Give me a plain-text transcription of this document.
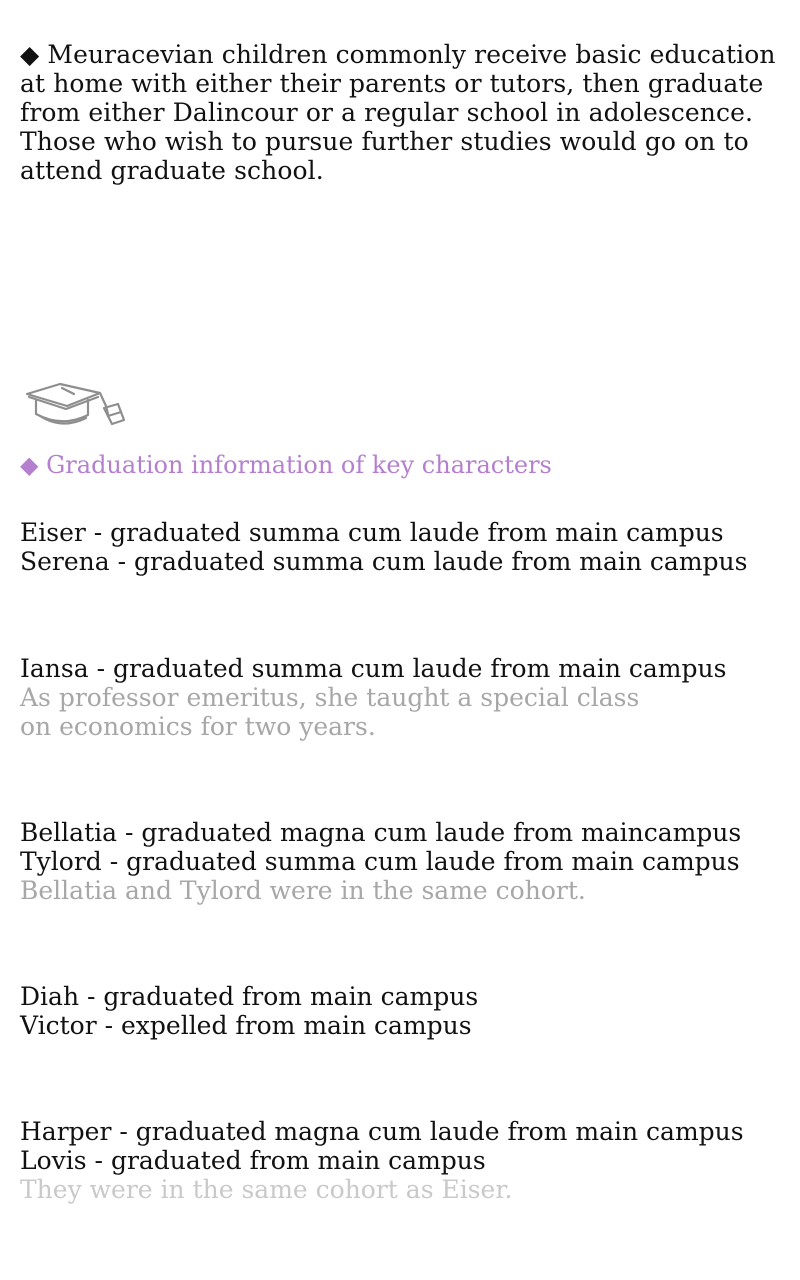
◆ Meuracevian children commonly receive basic education
at home with either their parents or tutors, then graduate
from either Dalincour or a regular school in adolescence.
Those who wish to pursue further studies would go on to
attend graduate school.
◆ Graduation information of key characters
Eiser - graduated summa cum laude from main campus
Serena - graduated summa cum laude from main campus
Iansa - graduated summa cum laude from main campus
As professor emeritus, she taught a special class
on economics for two years.
Bellatia - graduated magna cum laude from maincampus
Tylord - graduated summa cum laude from main campus
Bellatia and Tylord were in the same cohort.
Diah - graduated from main campus
Victor - expelled from main campus
Harper - graduated magna cum laude from main campus
Lovis - graduated from main campus
They were in the same cohort as Eiser.
